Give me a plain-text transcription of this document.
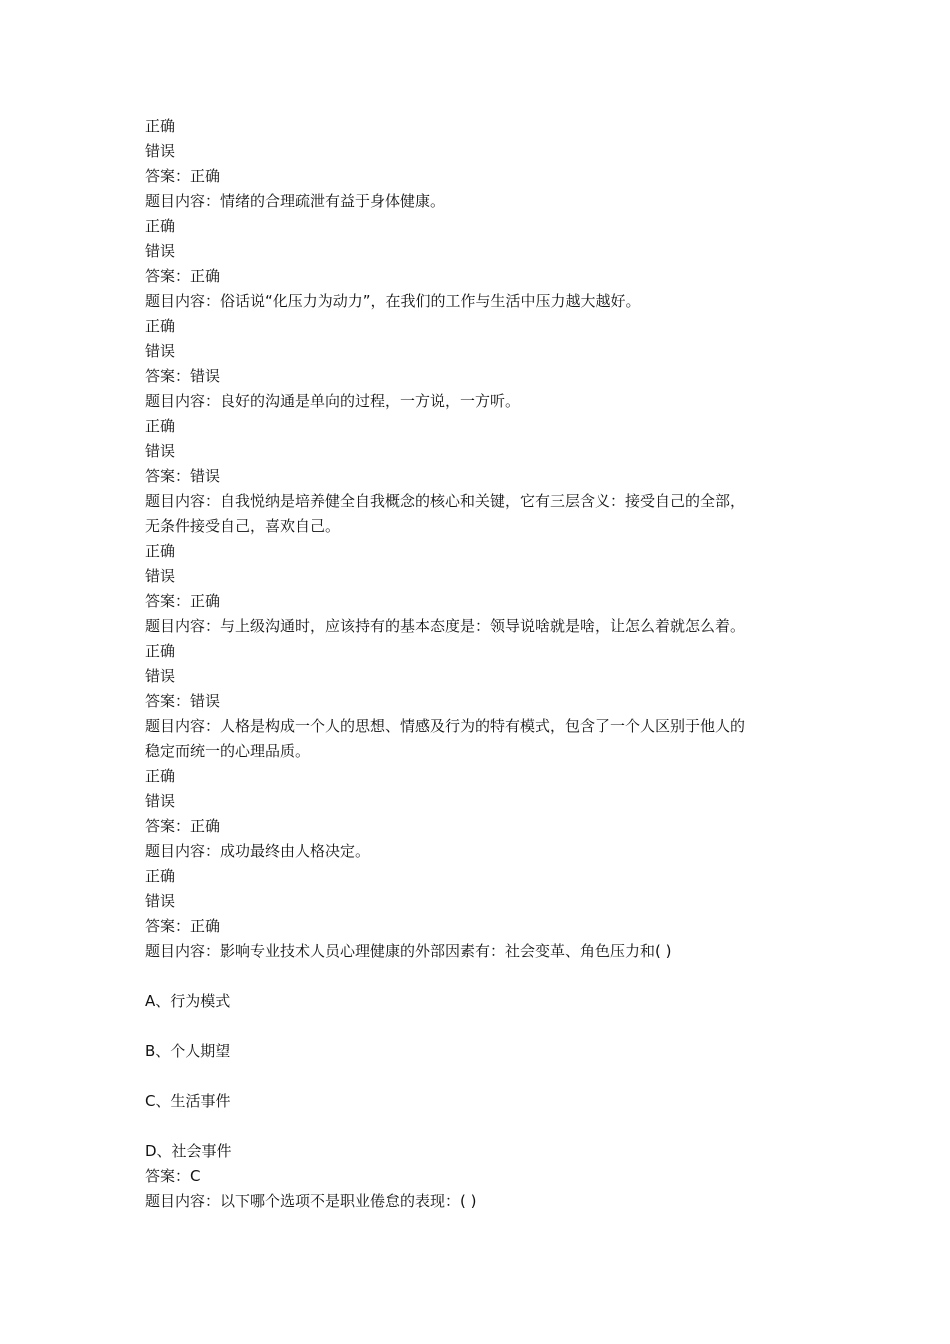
正确
错误
答案：正确
题目内容：情绪的合理疏泄有益于身体健康。
正确
错误
答案：正确
题目内容：俗话说“化压力为动力”，在我们的工作与生活中压力越大越好。
正确
错误
答案：错误
题目内容：良好的沟通是单向的过程，一方说，一方听。
正确
错误
答案：错误
题目内容：自我悦纳是培养健全自我概念的核心和关键，它有三层含义：接受自己的全部，
无条件接受自己，喜欢自己。
正确
错误
答案：正确
题目内容：与上级沟通时，应该持有的基本态度是：领导说啥就是啥，让怎么着就怎么着。
正确
错误
答案：错误
题目内容：人格是构成一个人的思想、情感及行为的特有模式，包含了一个人区别于他人的
稳定而统一的心理品质。
正确
错误
答案：正确
题目内容：成功最终由人格决定。
正确
错误
答案：正确
题目内容：影响专业技术人员心理健康的外部因素有：社会变革、角色压力和( )
A、行为模式
B、个人期望
C、生活事件
D、社会事件
答案：C
题目内容：以下哪个选项不是职业倦怠的表现：( )
